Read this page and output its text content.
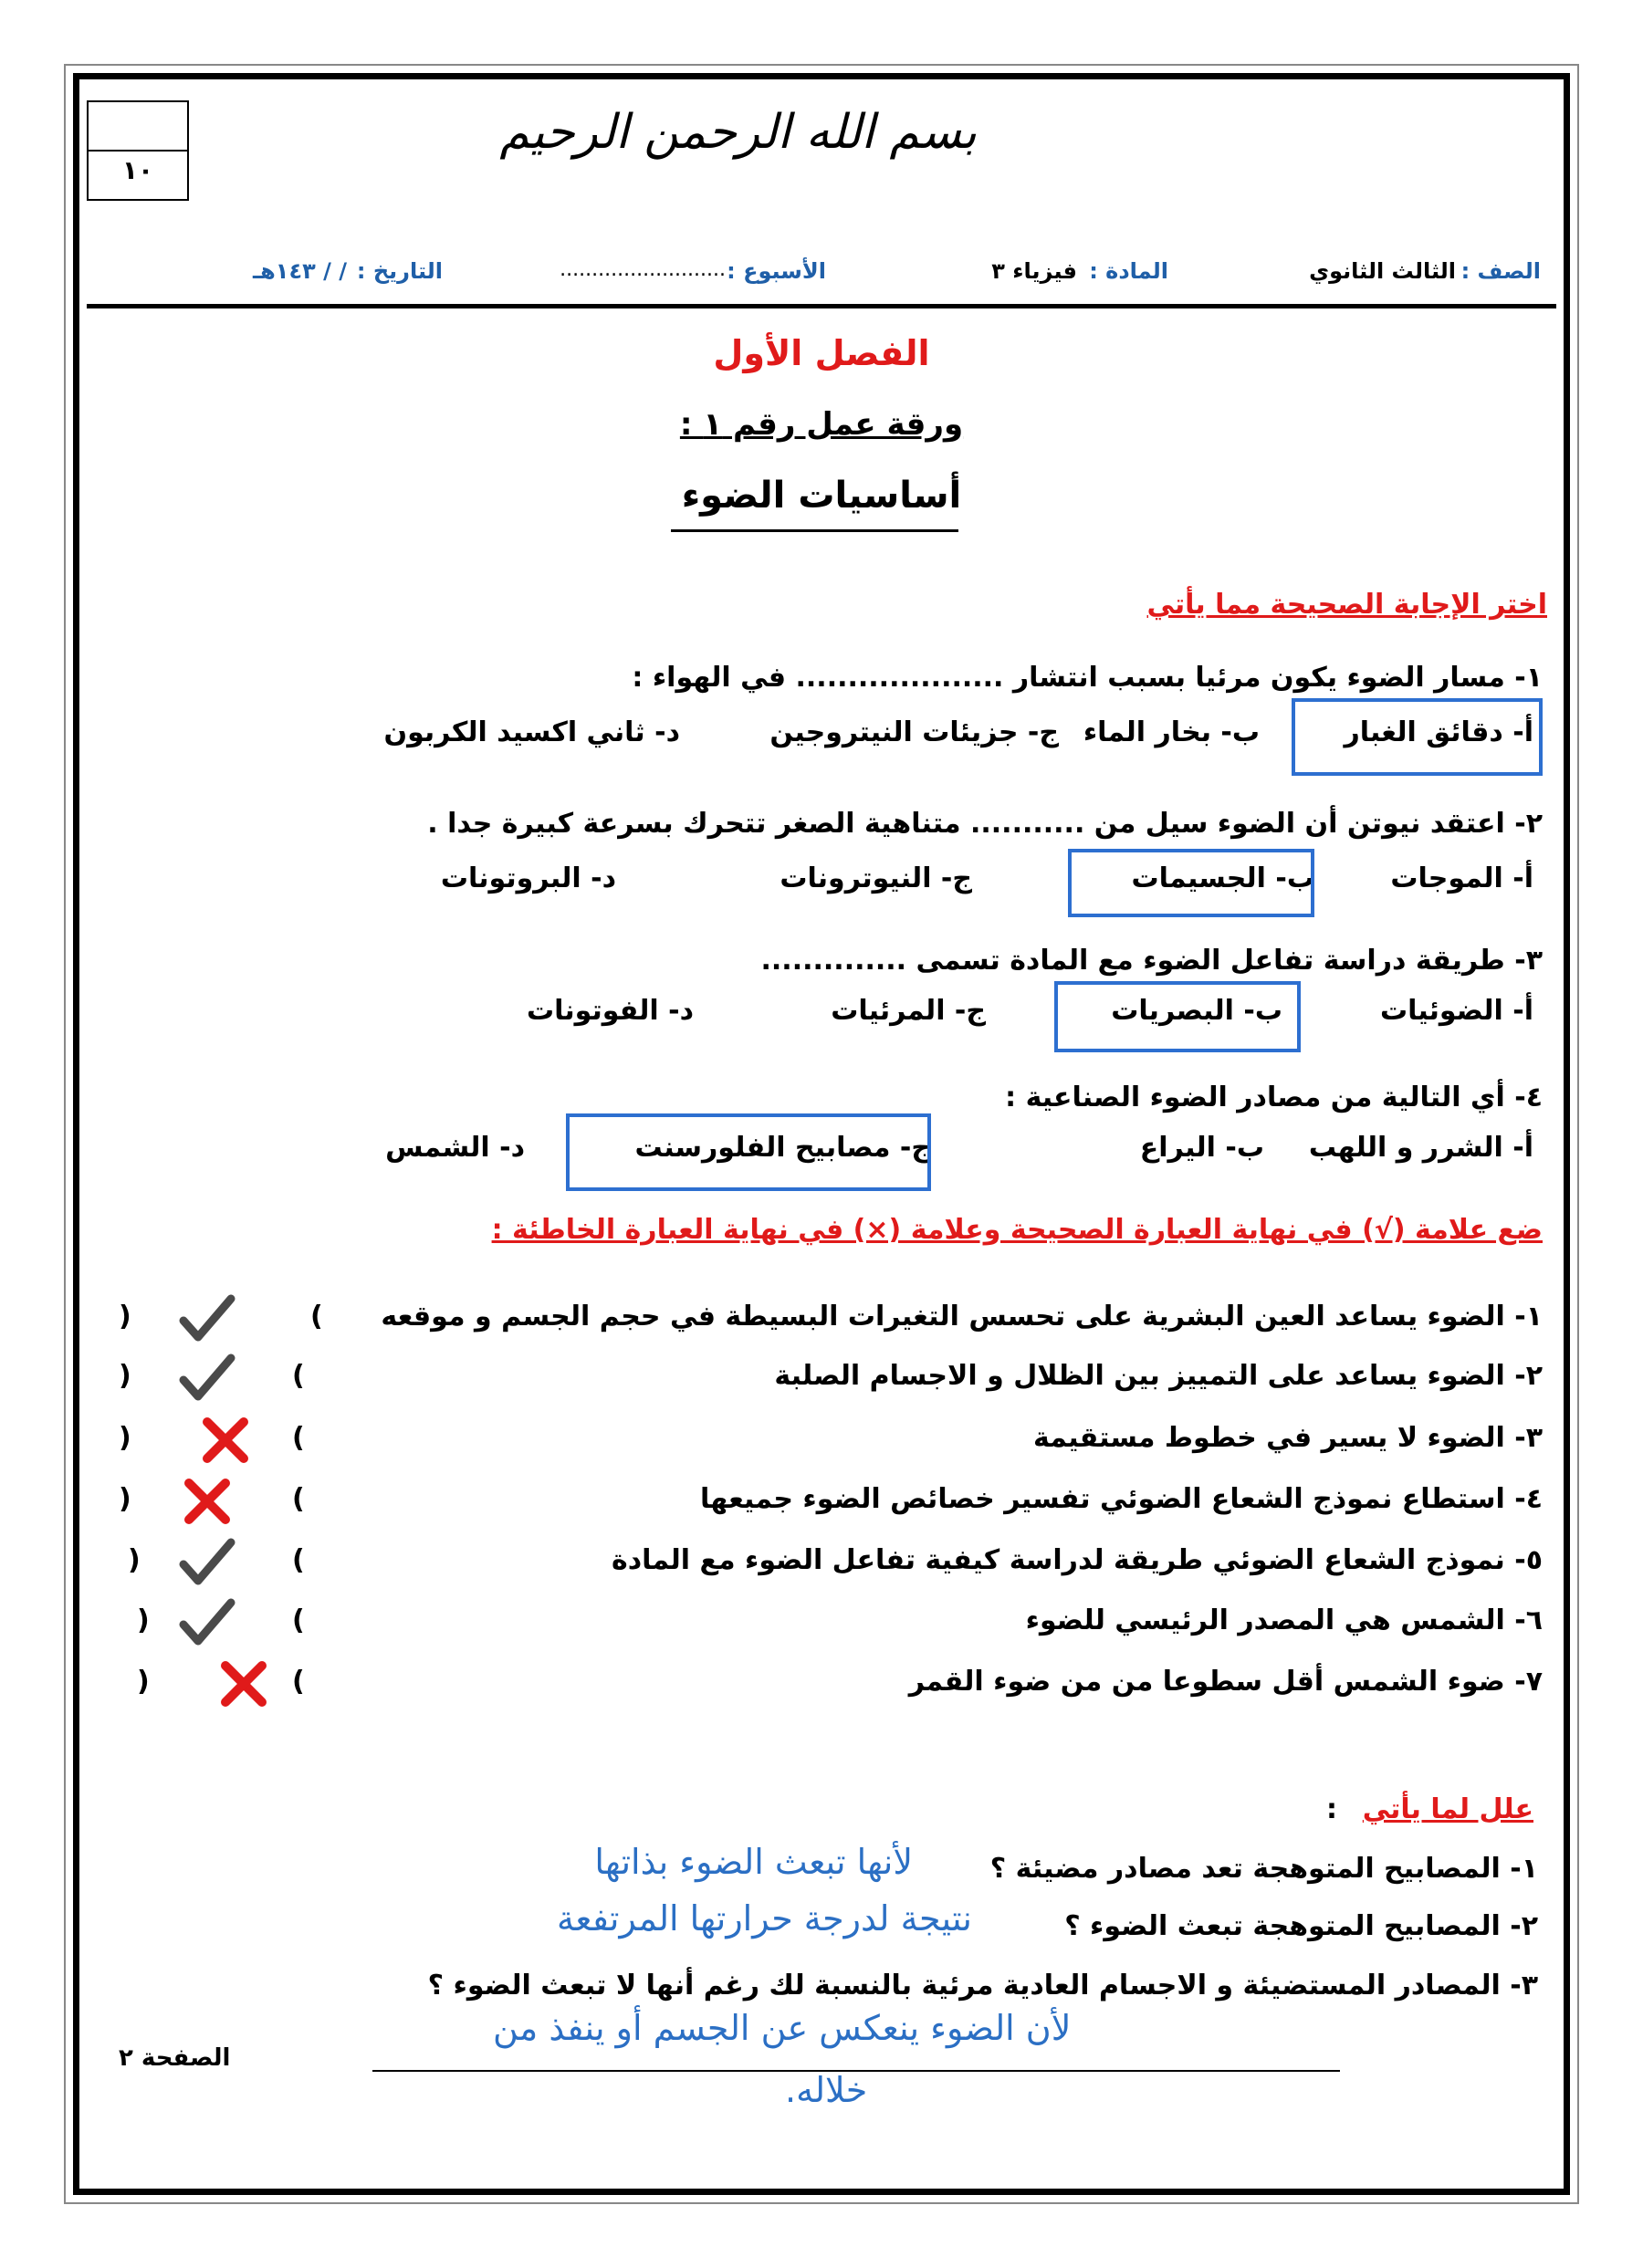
بسم الله الرحمن الرحيم
١٠
الصف :
الثالث الثانوي
المادة :
فيزياء ٣
الأسبوع :
..........................
التاريخ :
/ / ١٤٣هـ
الفصل الأول
ورقة عمل رقم ١ :
أساسيات الضوء
اختر الإجابة الصحيحة مما يأتي
١- مسار الضوء يكون مرئيا بسبب انتشار .................... في الهواء :
أ- دقائق الغبار
ب- بخار الماء
ج- جزيئات النيتروجين
د- ثاني اكسيد الكربون
٢- اعتقد نيوتن أن الضوء سيل من ........... متناهية الصغر تتحرك بسرعة كبيرة جدا .
أ- الموجات
ب- الجسيمات
ج- النيوترونات
د- البروتونات
٣- طريقة دراسة تفاعل الضوء مع المادة تسمى ..............
أ- الضوئيات
ب- البصريات
ج- المرئيات
د- الفوتونات
٤- أي التالية من مصادر الضوء الصناعية :
أ- الشرر و اللهب
ب- اليراع
ج- مصابيح الفلورسنت
د- الشمس
ضع علامة (√) في نهاية العبارة الصحيحة وعلامة (×) في نهاية العبارة الخاطئة :
١- الضوء يساعد العين البشرية على تحسس التغيرات البسيطة في حجم الجسم و موقعه
(	)
٢- الضوء يساعد على التمييز بين الظلال و الاجسام الصلبة
(	)
٣- الضوء لا يسير في خطوط مستقيمة
(	)
٤- استطاع نموذج الشعاع الضوئي تفسير خصائص الضوء جميعها
(	)
٥- نموذج الشعاع الضوئي طريقة لدراسة كيفية تفاعل الضوء مع المادة
(	)
٦- الشمس هي المصدر الرئيسي للضوء
(	)
٧- ضوء الشمس أقل سطوعا من من ضوء القمر
(	)
علل لما يأتي
:
١- المصابيح المتوهجة تعد مصادر مضيئة ؟
لأنها تبعث الضوء بذاتها
٢- المصابيح المتوهجة تبعث الضوء ؟
نتيجة لدرجة حرارتها المرتفعة
٣- المصادر المستضيئة و الاجسام العادية مرئية بالنسبة لك رغم أنها لا تبعث الضوء ؟
لأن الضوء ينعكس عن الجسم أو ينفذ من
خلاله.
الصفحة ٢
